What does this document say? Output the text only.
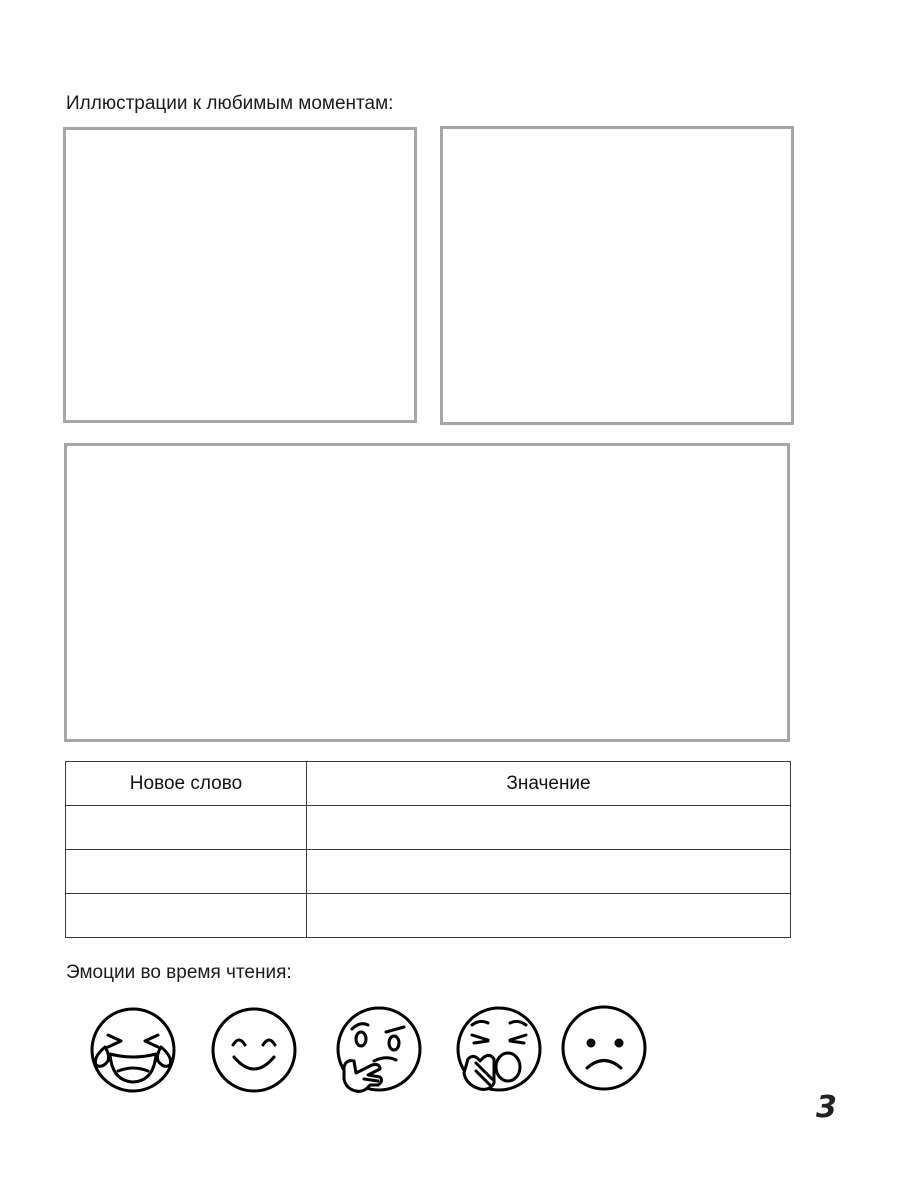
Иллюстрации к любимым моментам:
Новое слово	Значение

Эмоции во время чтения:
3
